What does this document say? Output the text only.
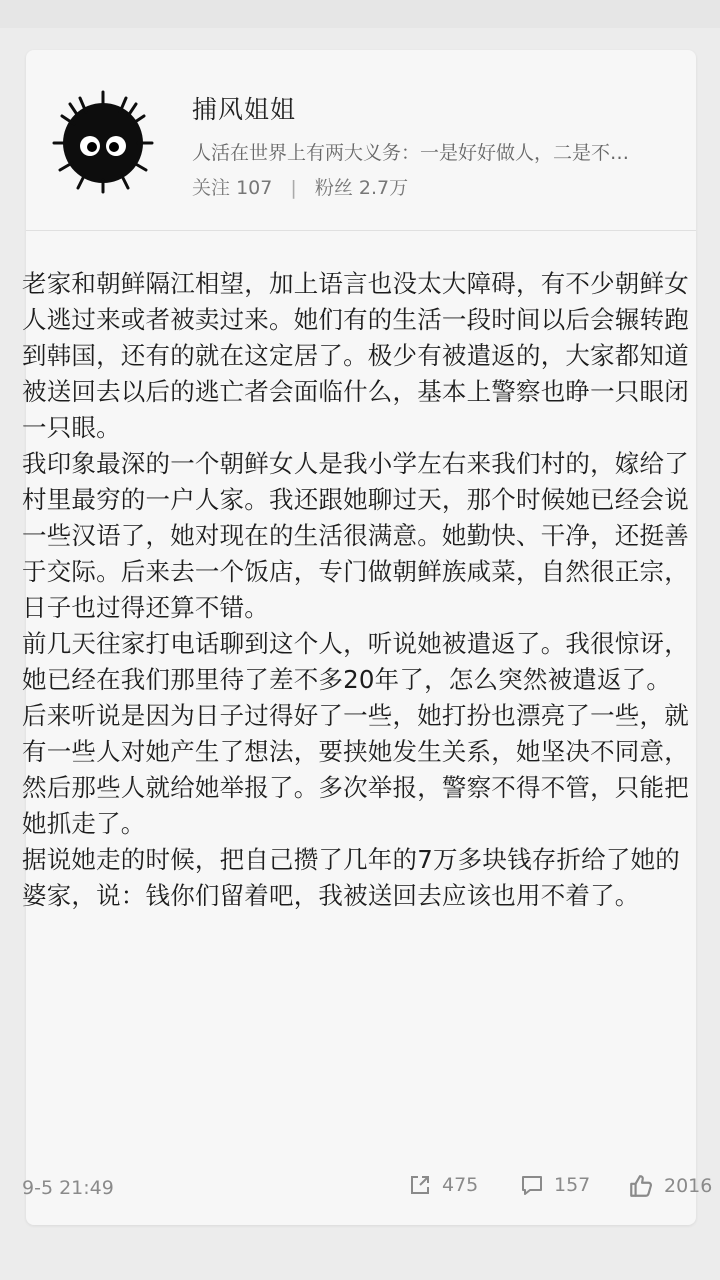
捕风姐姐
人活在世界上有两大义务：一是好好做人，二是不…
关注 107 | 粉丝 2.7万

老家和朝鲜隔江相望，加上语言也没太大障碍，有不少朝鲜女人逃过来或者被卖过来。她们有的生活一段时间以后会辗转跑到韩国，还有的就在这定居了。极少有被遣返的，大家都知道被送回去以后的逃亡者会面临什么，基本上警察也睁一只眼闭一只眼。

我印象最深的一个朝鲜女人是我小学左右来我们村的，嫁给了村里最穷的一户人家。我还跟她聊过天，那个时候她已经会说一些汉语了，她对现在的生活很满意。她勤快、干净，还挺善于交际。后来去一个饭店，专门做朝鲜族咸菜，自然很正宗，日子也过得还算不错。

前几天往家打电话聊到这个人，听说她被遣返了。我很惊讶，她已经在我们那里待了差不多20年了，怎么突然被遣返了。

后来听说是因为日子过得好了一些，她打扮也漂亮了一些，就有一些人对她产生了想法，要挟她发生关系，她坚决不同意，然后那些人就给她举报了。多次举报，警察不得不管，只能把她抓走了。

据说她走的时候，把自己攒了几年的7万多块钱存折给了她的婆家，说：钱你们留着吧，我被送回去应该也用不着了。

9-5 21:49	475	157	2016
